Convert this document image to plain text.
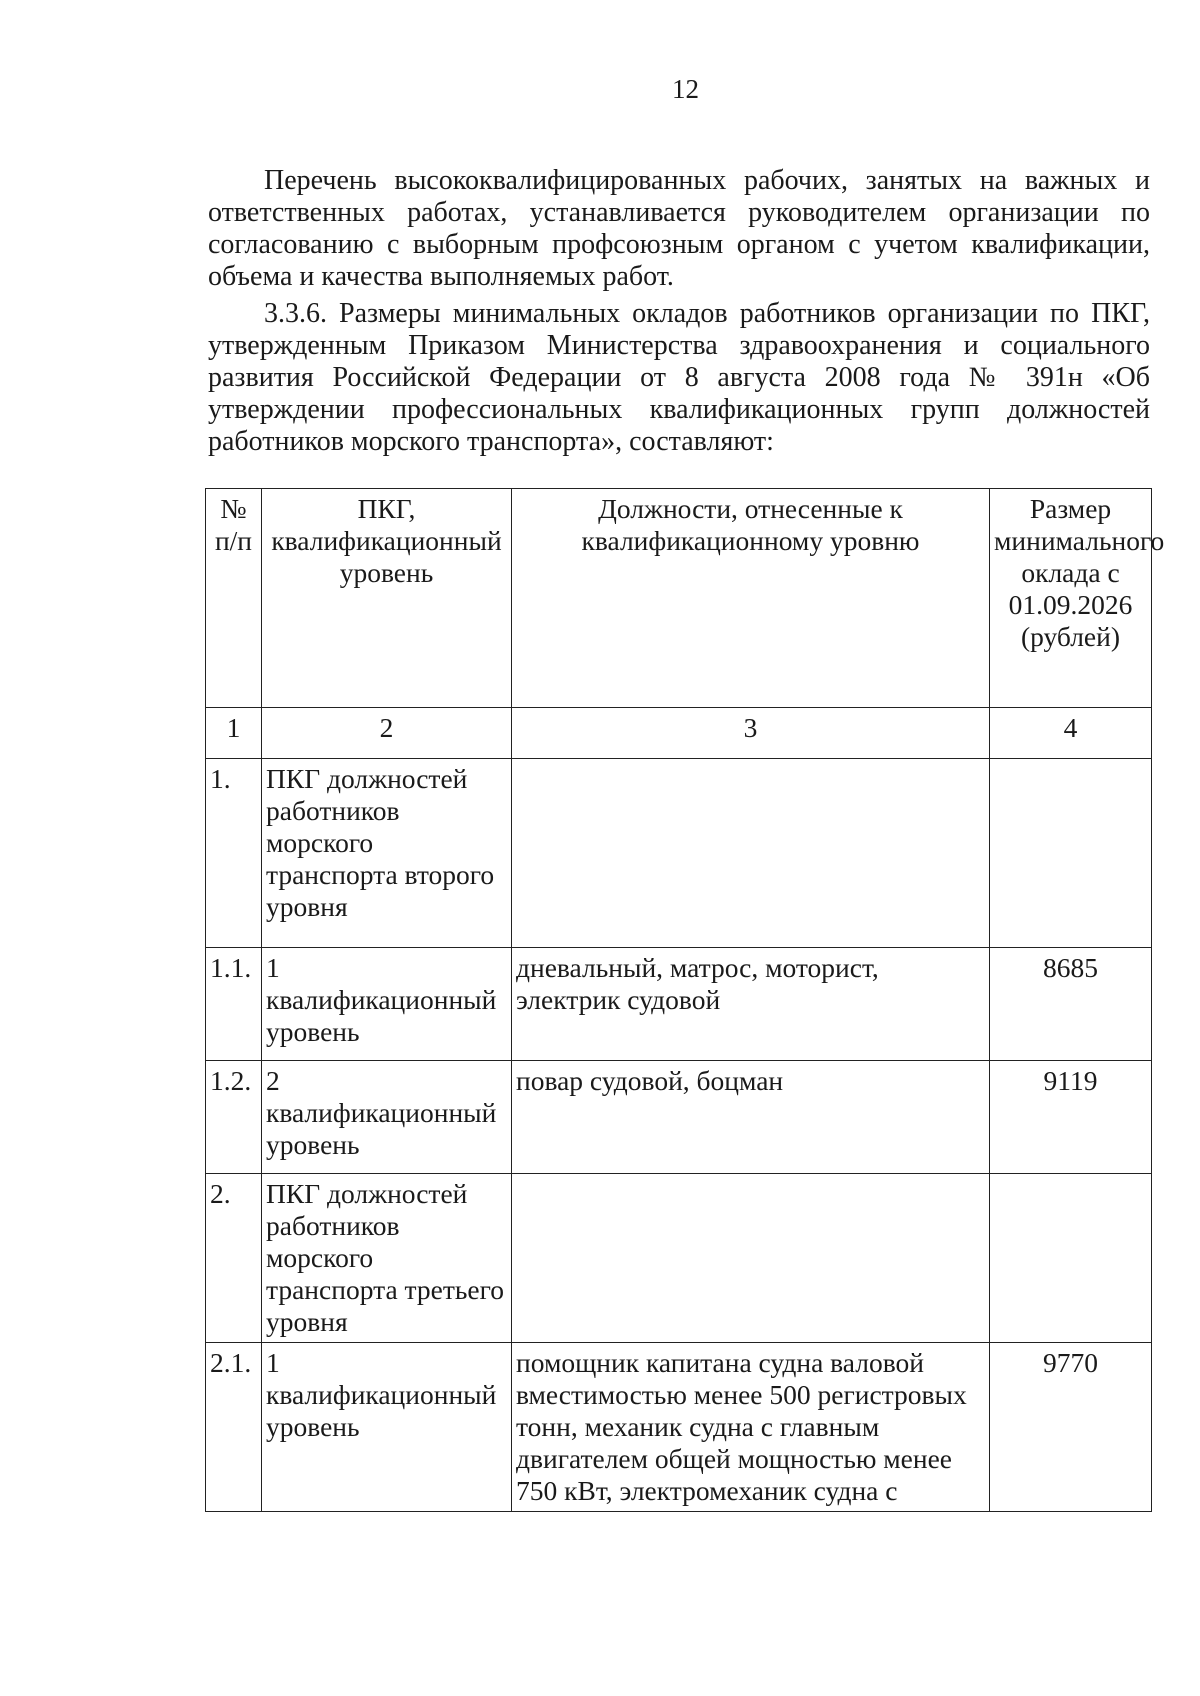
12

Перечень высококвалифицированных рабочих, занятых на важных и ответственных работах, устанавливается руководителем организации по согласованию с выборным профсоюзным органом с учетом квалификации, объема и качества выполняемых работ.

3.3.6. Размеры минимальных окладов работников организации по ПКГ, утвержденным Приказом Министерства здравоохранения и социального развития Российской Федерации от 8 августа 2008 года № 391н «Об утверждении профессиональных квалификационных групп должностей работников морского транспорта», составляют:

№ п/п	ПКГ, квалификационный уровень	Должности, отнесенные к квалификационному уровню	Размер минимального оклада с 01.09.2026 (рублей)
1	2	3	4
1.	ПКГ должностей работников морского транспорта второго уровня		
1.1.	1 квалификационный уровень	дневальный, матрос, моторист, электрик судовой	8685
1.2.	2 квалификационный уровень	повар судовой, боцман	9119
2.	ПКГ должностей работников морского транспорта третьего уровня		
2.1.	1 квалификационный уровень	помощник капитана судна валовой вместимостью менее 500 регистровых тонн, механик судна с главным двигателем общей мощностью менее 750 кВт, электромеханик судна с	9770
